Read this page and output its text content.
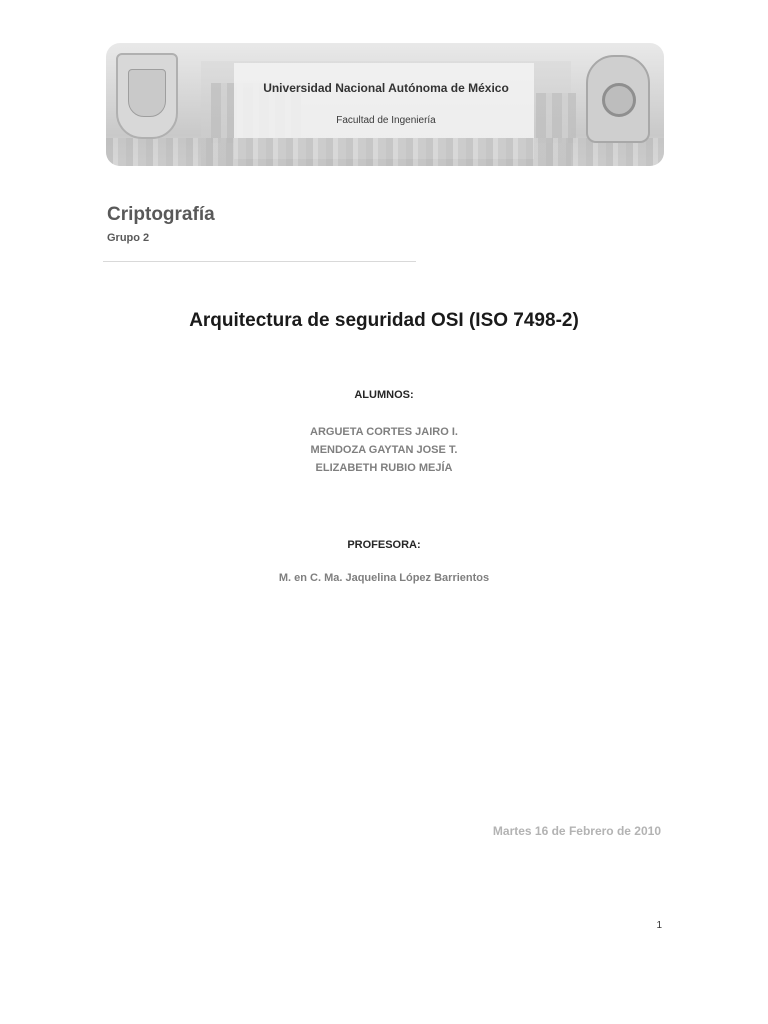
Universidad Nacional Autónoma de México
Facultad de Ingeniería
Criptografía
Grupo 2
Arquitectura de seguridad OSI (ISO 7498-2)
ALUMNOS:
ARGUETA CORTES JAIRO I.
MENDOZA GAYTAN JOSE T.
ELIZABETH RUBIO MEJÍA
PROFESORA:
M. en C. Ma. Jaquelina López Barrientos
Martes 16 de Febrero de 2010
1
